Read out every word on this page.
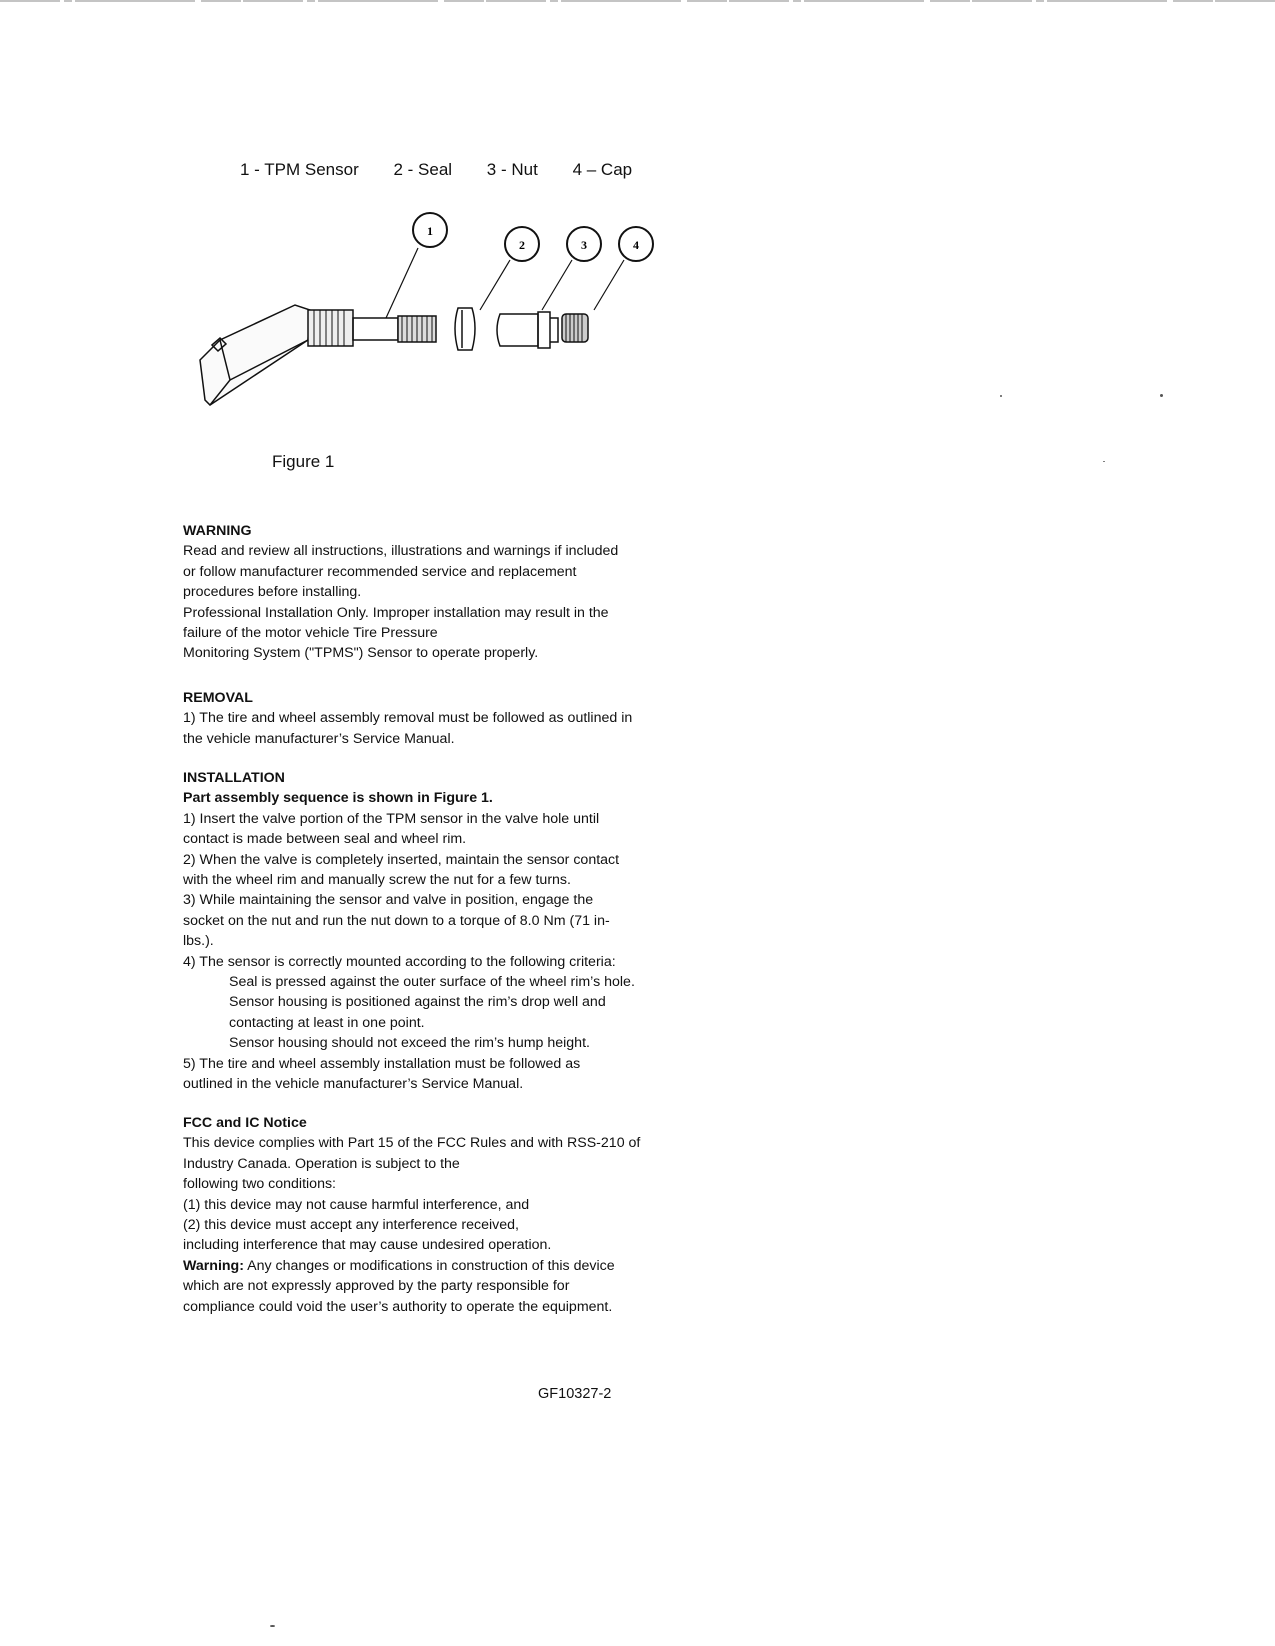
1 - TPM Sensor 2 - Seal 3 - Nut 4 – Cap
1
2	3	4
Figure 1
WARNING
Read and review all instructions, illustrations and warnings if included
or follow manufacturer recommended service and replacement
procedures before installing.
Professional Installation Only. Improper installation may result in the
failure of the motor vehicle Tire Pressure
Monitoring System ("TPMS") Sensor to operate properly.
REMOVAL
1) The tire and wheel assembly removal must be followed as outlined in
the vehicle manufacturer’s Service Manual.
INSTALLATION
Part assembly sequence is shown in Figure 1.
1) Insert the valve portion of the TPM sensor in the valve hole until
contact is made between seal and wheel rim.
2) When the valve is completely inserted, maintain the sensor contact
with the wheel rim and manually screw the nut for a few turns.
3) While maintaining the sensor and valve in position, engage the
socket on the nut and run the nut down to a torque of 8.0 Nm (71 in-
lbs.).
4) The sensor is correctly mounted according to the following criteria:
Seal is pressed against the outer surface of the wheel rim’s hole.
Sensor housing is positioned against the rim’s drop well and
contacting at least in one point.
Sensor housing should not exceed the rim’s hump height.
5) The tire and wheel assembly installation must be followed as
outlined in the vehicle manufacturer’s Service Manual.
FCC and IC Notice
This device complies with Part 15 of the FCC Rules and with RSS-210 of
Industry Canada. Operation is subject to the
following two conditions:
(1) this device may not cause harmful interference, and
(2) this device must accept any interference received,
including interference that may cause undesired operation.
Warning: Any changes or modifications in construction of this device
which are not expressly approved by the party responsible for
compliance could void the user’s authority to operate the equipment.
GF10327-2
